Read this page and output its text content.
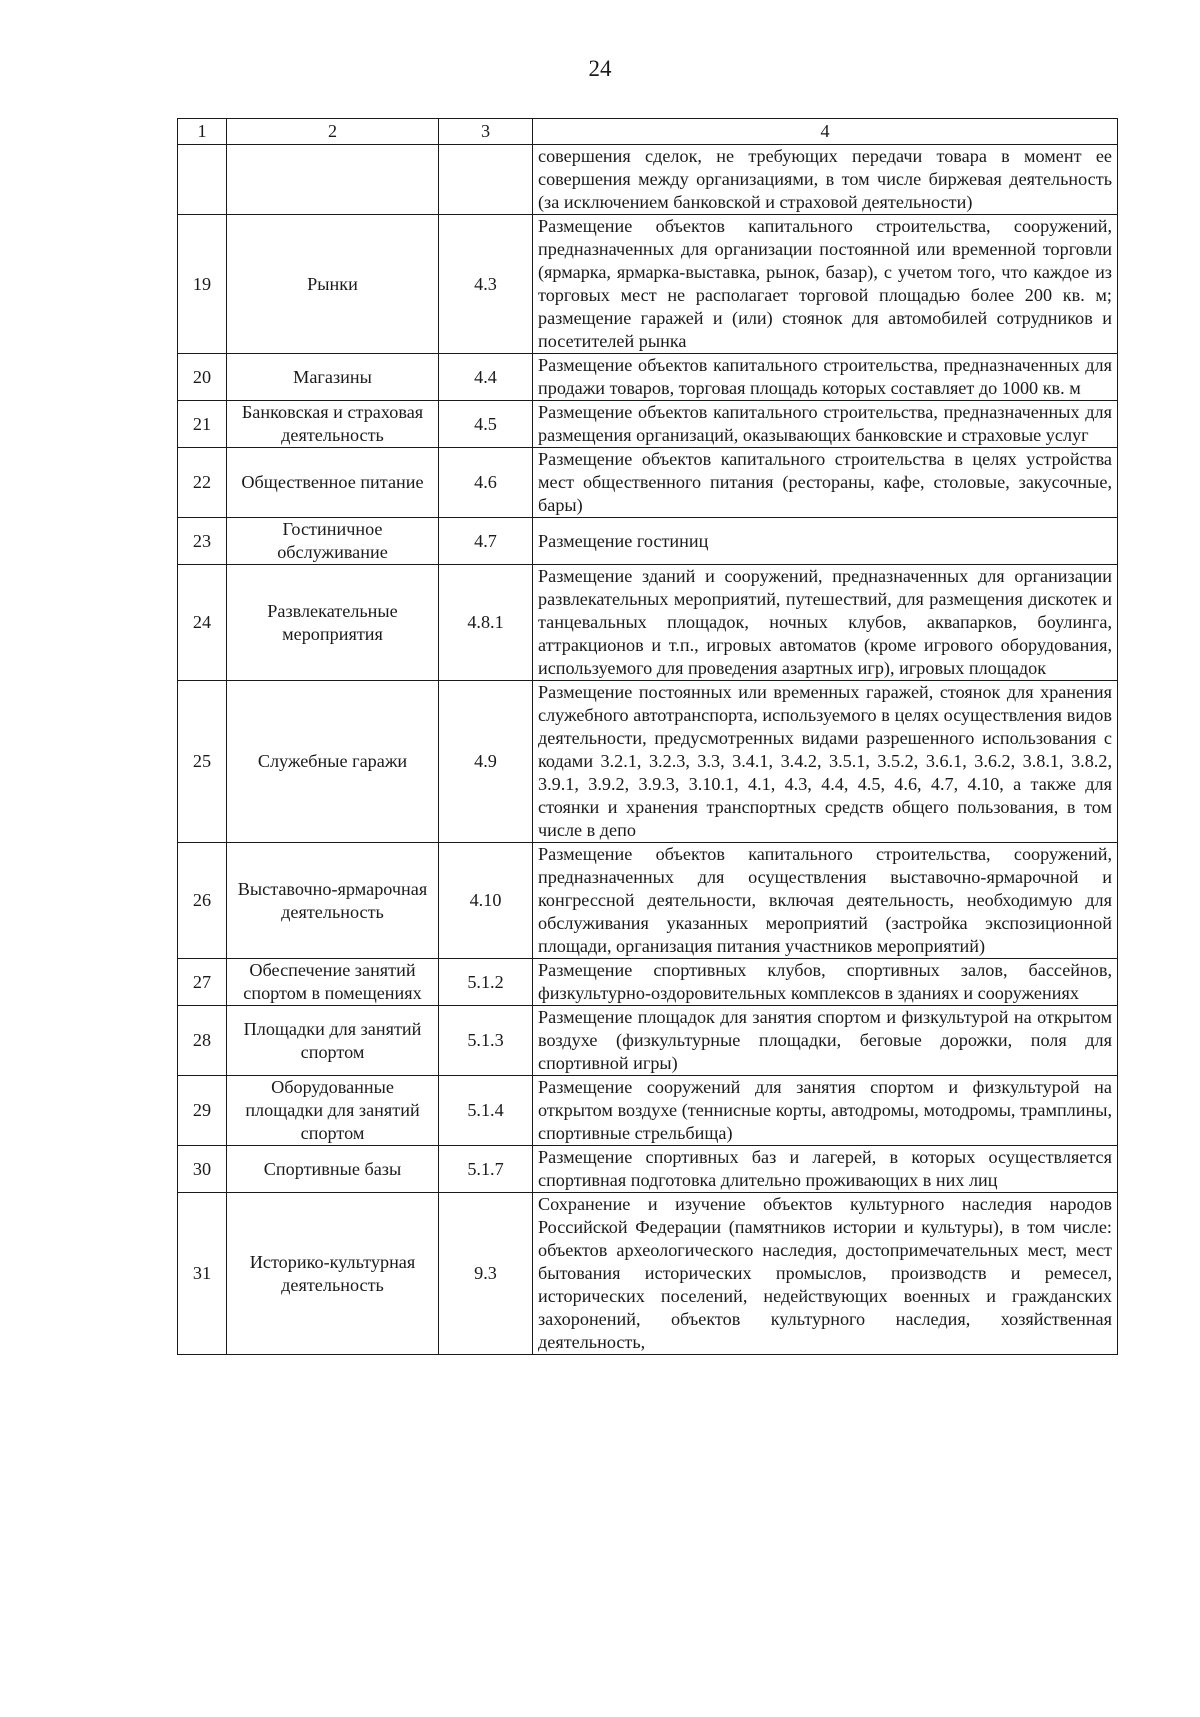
24
1	2	3	4
			совершения сделок, не требующих передачи товара в момент ее совершения между организациями, в том числе биржевая деятельность (за исключением банковской и страховой деятельности)
19	Рынки	4.3	Размещение объектов капитального строительства, сооружений, предназначенных для организации постоянной или временной торговли (ярмарка, ярмарка-выставка, рынок, базар), с учетом того, что каждое из торговых мест не располагает торговой площадью более 200 кв. м; размещение гаражей и (или) стоянок для автомобилей сотрудников и посетителей рынка
20	Магазины	4.4	Размещение объектов капитального строительства, предназначенных для продажи товаров, торговая площадь которых составляет до 1000 кв. м
21	Банковская и страховая деятельность	4.5	Размещение объектов капитального строительства, предназначенных для размещения организаций, оказывающих банковские и страховые услуг
22	Общественное питание	4.6	Размещение объектов капитального строительства в целях устройства мест общественного питания (рестораны, кафе, столовые, закусочные, бары)
23	Гостиничное обслуживание	4.7	Размещение гостиниц
24	Развлекательные мероприятия	4.8.1	Размещение зданий и сооружений, предназначенных для организации развлекательных мероприятий, путешествий, для размещения дискотек и танцевальных площадок, ночных клубов, аквапарков, боулинга, аттракционов и т.п., игровых автоматов (кроме игрового оборудования, используемого для проведения азартных игр), игровых площадок
25	Служебные гаражи	4.9	Размещение постоянных или временных гаражей, стоянок для хранения служебного автотранспорта, используемого в целях осуществления видов деятельности, предусмотренных видами разрешенного использования с кодами 3.2.1, 3.2.3, 3.3, 3.4.1, 3.4.2, 3.5.1, 3.5.2, 3.6.1, 3.6.2, 3.8.1, 3.8.2, 3.9.1, 3.9.2, 3.9.3, 3.10.1, 4.1, 4.3, 4.4, 4.5, 4.6, 4.7, 4.10, а также для стоянки и хранения транспортных средств общего пользования, в том числе в депо
26	Выставочно-ярмарочная деятельность	4.10	Размещение объектов капитального строительства, сооружений, предназначенных для осуществления выставочно-ярмарочной и конгрессной деятельности, включая деятельность, необходимую для обслуживания указанных мероприятий (застройка экспозиционной площади, организация питания участников мероприятий)
27	Обеспечение занятий спортом в помещениях	5.1.2	Размещение спортивных клубов, спортивных залов, бассейнов, физкультурно-оздоровительных комплексов в зданиях и сооружениях
28	Площадки для занятий спортом	5.1.3	Размещение площадок для занятия спортом и физкультурой на открытом воздухе (физкультурные площадки, беговые дорожки, поля для спортивной игры)
29	Оборудованные площадки для занятий спортом	5.1.4	Размещение сооружений для занятия спортом и физкультурой на открытом воздухе (теннисные корты, автодромы, мотодромы, трамплины, спортивные стрельбища)
30	Спортивные базы	5.1.7	Размещение спортивных баз и лагерей, в которых осуществляется спортивная подготовка длительно проживающих в них лиц
31	Историко-культурная деятельность	9.3	Сохранение и изучение объектов культурного наследия народов Российской Федерации (памятников истории и культуры), в том числе: объектов археологического наследия, достопримечательных мест, мест бытования исторических промыслов, производств и ремесел, исторических поселений, недействующих военных и гражданских захоронений, объектов культурного наследия, хозяйственная деятельность,
